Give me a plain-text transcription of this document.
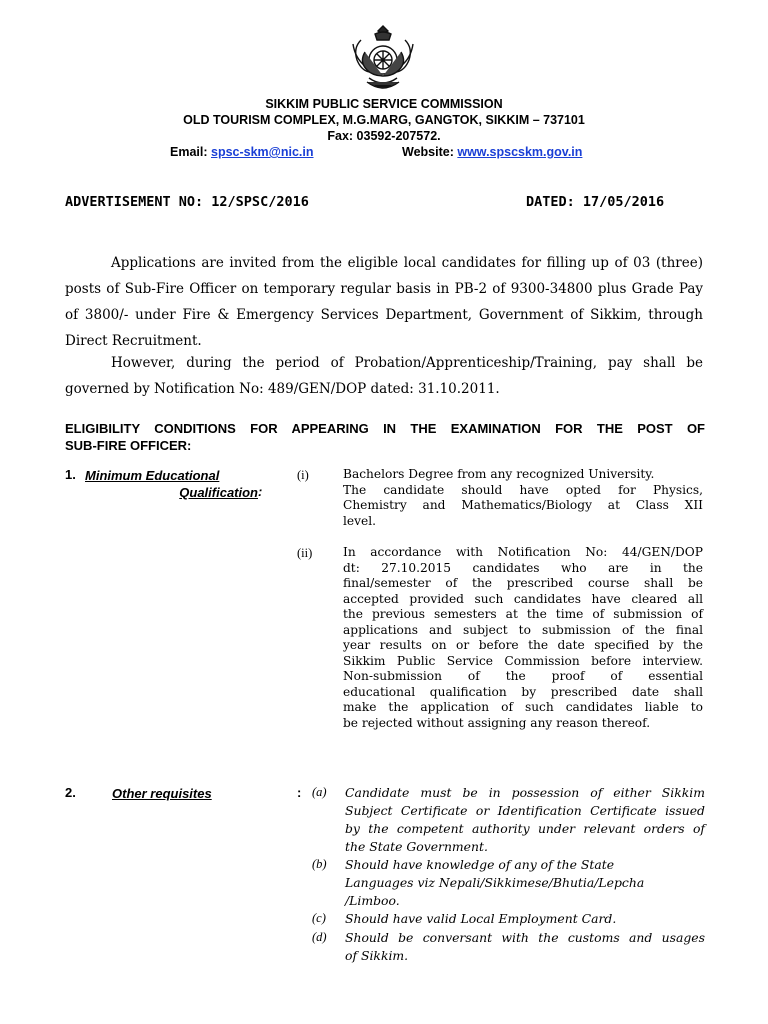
SIKKIM PUBLIC SERVICE COMMISSION
OLD TOURISM COMPLEX, M.G.MARG, GANGTOK, SIKKIM – 737101
Fax: 03592-207572.
Email: spsc-skm@nic.in	Website: www.spscskm.gov.in
ADVERTISEMENT NO: 12/SPSC/2016	DATED: 17/05/2016
Applications are invited from the eligible local candidates for filling up of 03 (three) posts of Sub-Fire Officer on temporary regular basis in PB-2 of 9300-34800 plus Grade Pay of 3800/- under Fire & Emergency Services Department, Government of Sikkim, through Direct Recruitment.
However, during the period of Probation/Apprenticeship/Training, pay shall be governed by Notification No: 489/GEN/DOP dated: 31.10.2011.
ELIGIBILITY CONDITIONS FOR APPEARING IN THE EXAMINATION FOR THE POST OF
SUB-FIRE OFFICER:
1. Minimum Educational
Qualification :
(i)	Bachelors Degree from any recognized University.
The candidate should have opted for Physics,
Chemistry and Mathematics/Biology at Class XII
level.
(ii)	In accordance with Notification No: 44/GEN/DOP
dt: 27.10.2015 candidates who are in the
final/semester of the prescribed course shall be
accepted provided such candidates have cleared all
the previous semesters at the time of submission of
applications and subject to submission of the final
year results on or before the date specified by the
Sikkim Public Service Commission before interview.
Non-submission of the proof of essential
educational qualification by prescribed date shall
make the application of such candidates liable to
be rejected without assigning any reason thereof.
2.	Other requisites	: (a) Candidate must be in possession of either Sikkim
Subject Certificate or Identification Certificate issued
by the competent authority under relevant orders of
the State Government.
(b) Should have knowledge of any of the State
Languages viz Nepali/Sikkimese/Bhutia/Lepcha
/Limboo.
(c) Should have valid Local Employment Card.
(d) Should be conversant with the customs and usages
of Sikkim.
